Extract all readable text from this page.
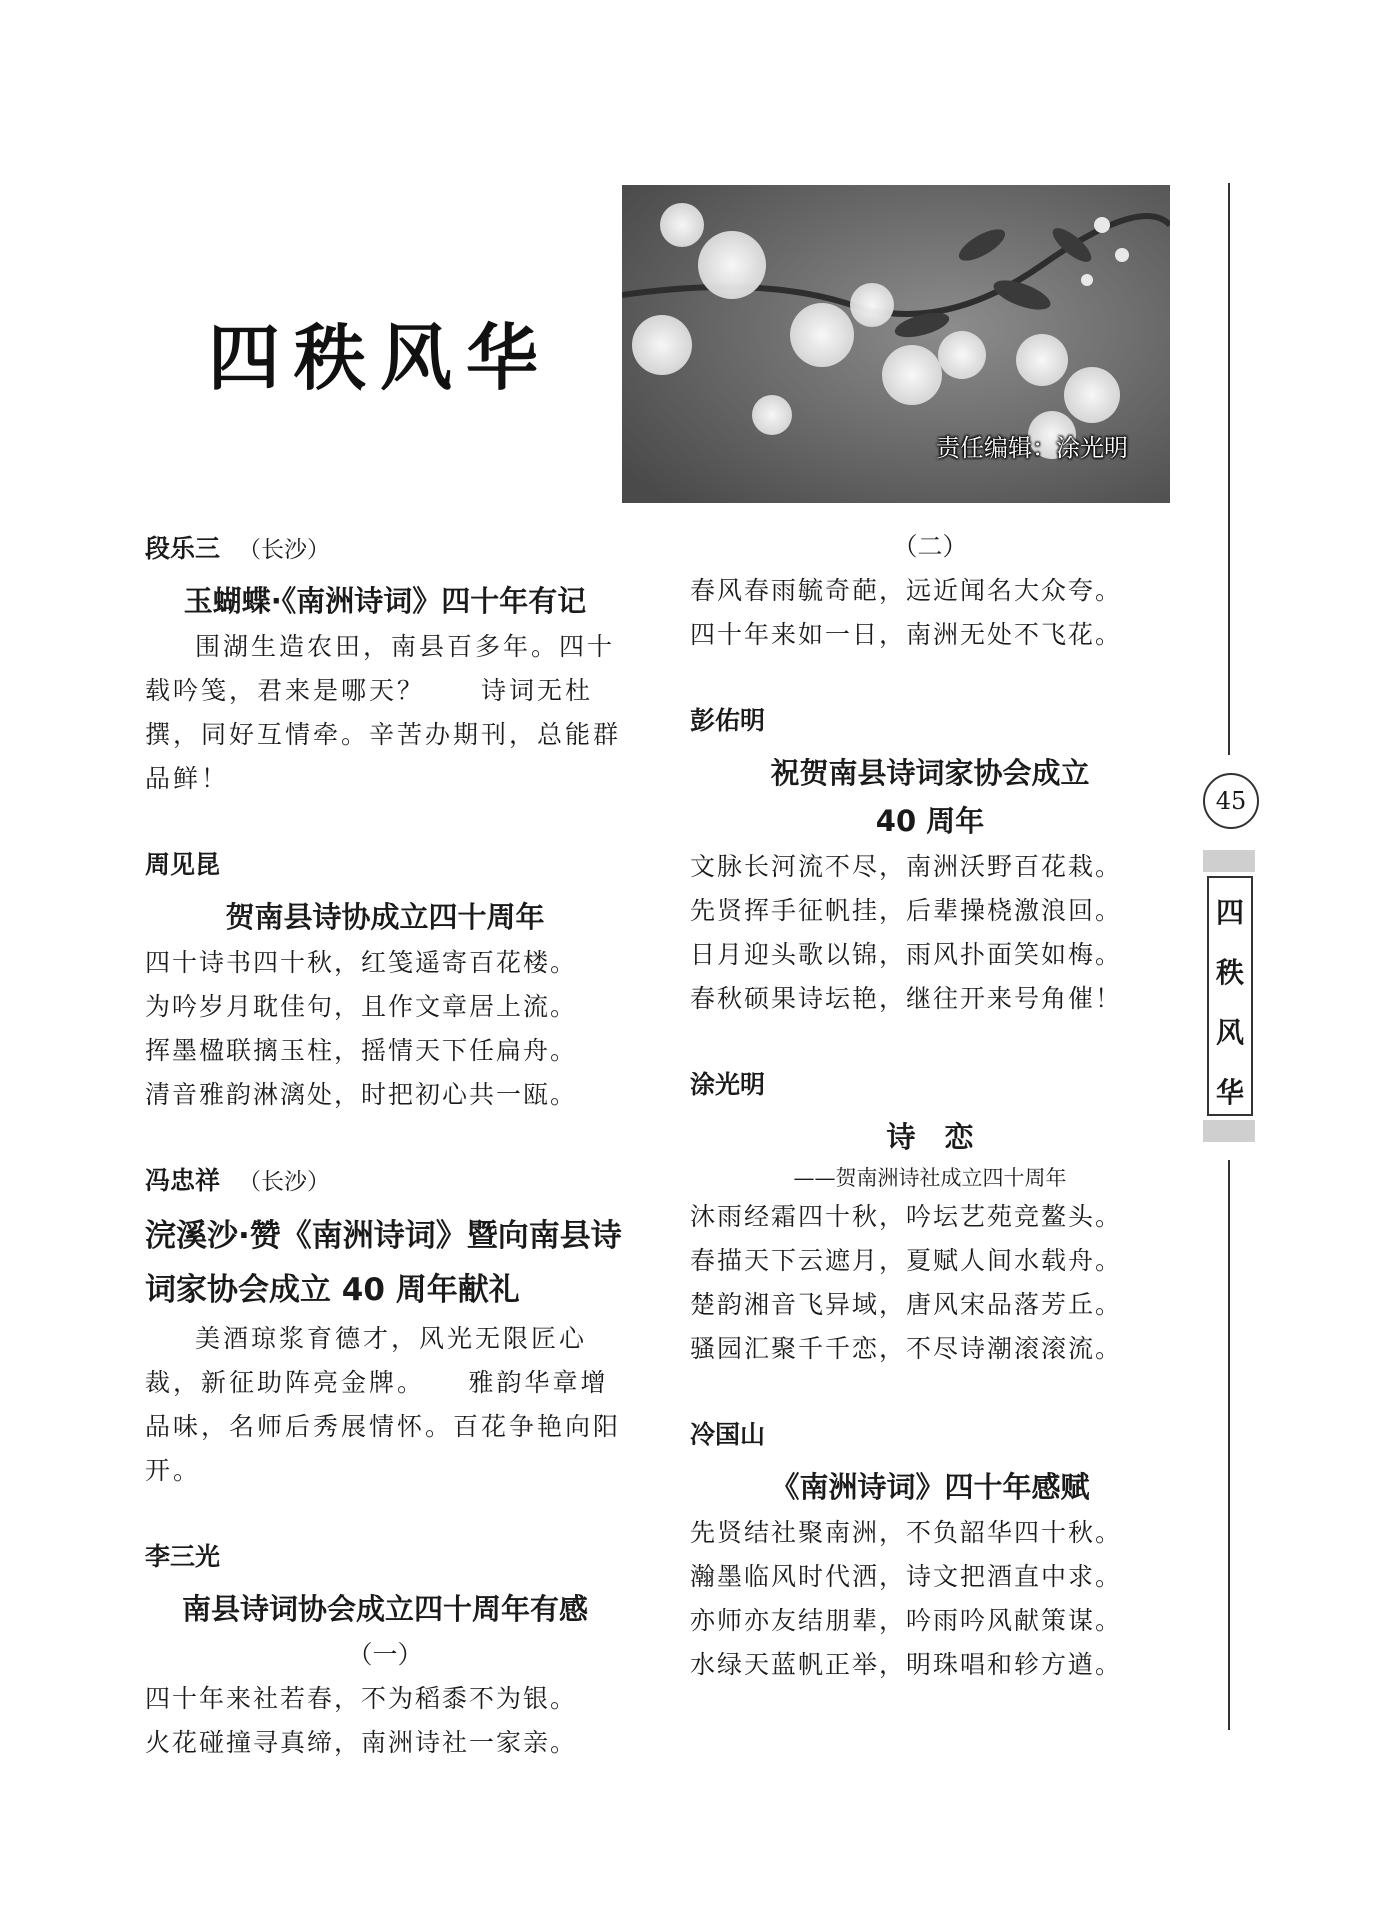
四秩风华
责任编辑：涂光明
45
四
秩
风
华
段乐三 （长沙）
玉蝴蝶·《南洲诗词》四十年有记
围湖生造农田，南县百多年。四十载吟笺，君来是哪天？　　诗词无杜撰，同好互情牵。辛苦办期刊，总能群品鲜！
周见昆
贺南县诗协成立四十周年

四十诗书四十秋，红笺遥寄百花楼。

为吟岁月耽佳句，且作文章居上流。

挥墨楹联摛玉柱，摇情天下任扁舟。

清音雅韵淋漓处，时把初心共一瓯。

冯忠祥 （长沙）
浣溪沙·赞《南洲诗词》暨向南县诗词家协会成立 40 周年献礼
美酒琼浆育德才，风光无限匠心裁，新征助阵亮金牌。　　雅韵华章增品味，名师后秀展情怀。百花争艳向阳开。
李三光
南县诗词协会成立四十周年有感
（一）

四十年来社若春，不为稻黍不为银。

火花碰撞寻真缔，南洲诗社一家亲。

（二）

春风春雨毓奇葩，远近闻名大众夸。

四十年来如一日，南洲无处不飞花。

彭佑明
祝贺南县诗词家协会成立
40 周年

文脉长河流不尽，南洲沃野百花栽。

先贤挥手征帆挂，后辈操桡激浪回。

日月迎头歌以锦，雨风扑面笑如梅。

春秋硕果诗坛艳，继往开来号角催！

涂光明
诗　恋
——贺南洲诗社成立四十周年

沐雨经霜四十秋，吟坛艺苑竞鳌头。

春描天下云遮月，夏赋人间水载舟。

楚韵湘音飞异域，唐风宋品落芳丘。

骚园汇聚千千恋，不尽诗潮滚滚流。

冷国山
《南洲诗词》四十年感赋

先贤结社聚南洲，不负韶华四十秋。

瀚墨临风时代洒，诗文把酒直中求。

亦师亦友结朋辈，吟雨吟风献策谋。

水绿天蓝帆正举，明珠唱和轸方遒。
